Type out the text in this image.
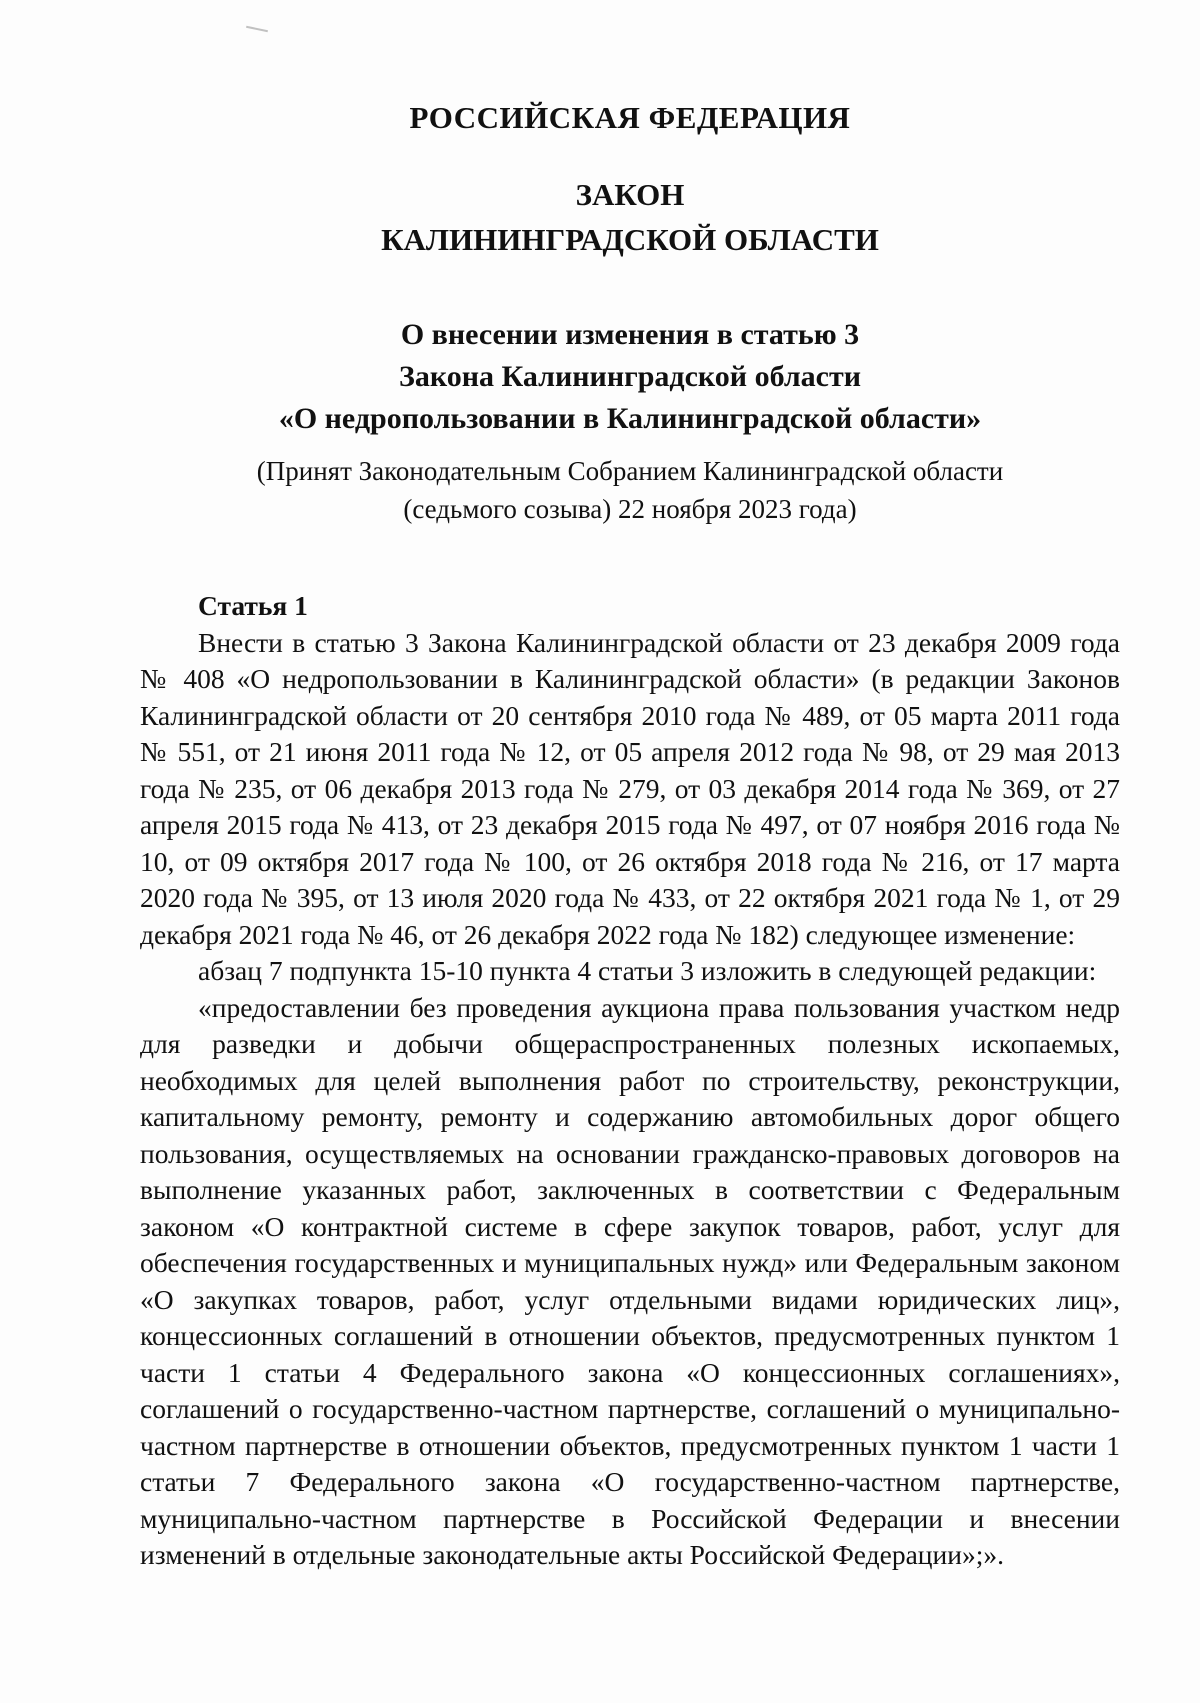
РОССИЙСКАЯ ФЕДЕРАЦИЯ
ЗАКОН
КАЛИНИНГРАДСКОЙ ОБЛАСТИ
О внесении изменения в статью 3
Закона Калининградской области
«О недропользовании в Калининградской области»

(Принят Законодательным Собранием Калининградской области
(седьмого созыва) 22 ноября 2023 года)

Статья 1

Внести в статью 3 Закона Калининградской области от 23 декабря 2009 года № 408 «О недропользовании в Калининградской области» (в редакции Законов Калининградской области от 20 сентября 2010 года № 489, от 05 марта 2011 года № 551, от 21 июня 2011 года № 12, от 05 апреля 2012 года № 98, от 29 мая 2013 года № 235, от 06 декабря 2013 года № 279, от 03 декабря 2014 года № 369, от 27 апреля 2015 года № 413, от 23 декабря 2015 года № 497, от 07 ноября 2016 года № 10, от 09 октября 2017 года № 100, от 26 октября 2018 года № 216, от 17 марта 2020 года № 395, от 13 июля 2020 года № 433, от 22 октября 2021 года № 1, от 29 декабря 2021 года № 46, от 26 декабря 2022 года № 182) следующее изменение:

абзац 7 подпункта 15-10 пункта 4 статьи 3 изложить в следующей редакции:

«предоставлении без проведения аукциона права пользования участком недр для разведки и добычи общераспространенных полезных ископаемых, необходимых для целей выполнения работ по строительству, реконструкции, капитальному ремонту, ремонту и содержанию автомобильных дорог общего пользования, осуществляемых на основании гражданско-правовых договоров на выполнение указанных работ, заключенных в соответствии с Федеральным законом «О контрактной системе в сфере закупок товаров, работ, услуг для обеспечения государственных и муниципальных нужд» или Федеральным законом «О закупках товаров, работ, услуг отдельными видами юридических лиц», концессионных соглашений в отношении объектов, предусмотренных пунктом 1 части 1 статьи 4 Федерального закона «О концессионных соглашениях», соглашений о государственно-частном партнерстве, соглашений о муниципально-частном партнерстве в отношении объектов, предусмотренных пунктом 1 части 1 статьи 7 Федерального закона «О государственно-частном партнерстве, муниципально-частном партнерстве в Российской Федерации и внесении изменений в отдельные законодательные акты Российской Федерации»;».
